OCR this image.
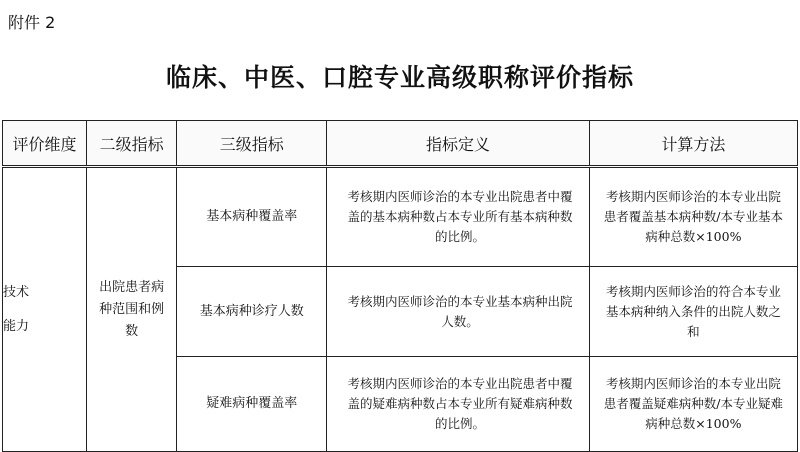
附件 2
临床、中医、口腔专业高级职称评价指标
评价维度	二级指标	三级指标	指标定义	计算方法

技术
能力	出院患者病种范围和例数	基本病种覆盖率	考核期内医师诊治的本专业出院患者中覆盖的基本病种数占本专业所有基本病种数的比例。	考核期内医师诊治的本专业出院患者覆盖基本病种数/本专业基本病种总数×100%
		基本病种诊疗人数	考核期内医师诊治的本专业基本病种出院人数。	考核期内医师诊治的符合本专业基本病种纳入条件的出院人数之和
		疑难病种覆盖率	考核期内医师诊治的本专业出院患者中覆盖的疑难病种数占本专业所有疑难病种数的比例。	考核期内医师诊治的本专业出院患者覆盖疑难病种数/本专业疑难病种总数×100%
